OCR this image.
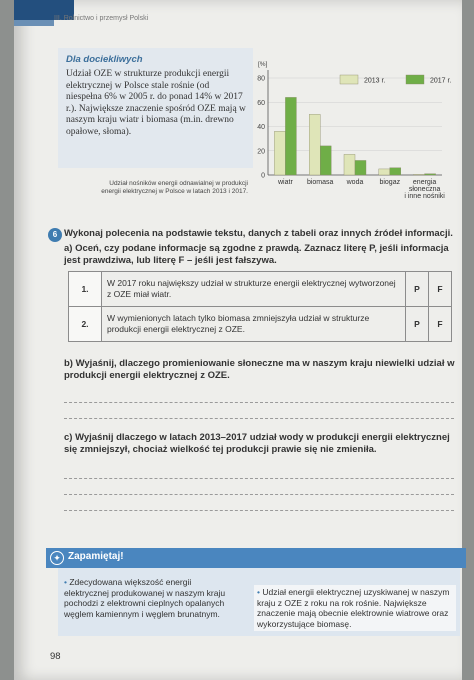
III. Rolnictwo i przemysł Polski
Dla dociekliwych
Udział OZE w strukturze produkcji energii elektrycznej w Polsce stale rośnie (od niespełna 6% w 2005 r. do ponad 14% w 2017 r.). Największe znaczenie spośród OZE mają w naszym kraju wiatr i biomasa (m.in. drewno opałowe, słoma).
0
20
40
60
80
[%]
wiatr biomasa woda biogaz	energia słoneczna i inne nośniki
2013 r.	2017 r.
Udział nośników energii odnawialnej w produkcji energii elektrycznej w Polsce w latach 2013 i 2017.
6 Wykonaj polecenia na podstawie tekstu, danych z tabeli oraz innych źródeł informacji.
a) Oceń, czy podane informacje są zgodne z prawdą. Zaznacz literę P, jeśli informacja jest prawdziwa, lub literę F – jeśli jest fałszywa.
1.	W 2017 roku największy udział w strukturze energii elektrycznej wytworzonej z OZE miał wiatr.	P	F
2.	W wymienionych latach tylko biomasa zmniejszyła udział w strukturze produkcji energii elektrycznej z OZE.	P	F
b) Wyjaśnij, dlaczego promieniowanie słoneczne ma w naszym kraju niewielki udział w produkcji energii elektrycznej z OZE.
c) Wyjaśnij dlaczego w latach 2013–2017 udział wody w produkcji energii elektrycznej się zmniejszył, chociaż wielkość tej produkcji prawie się nie zmieniła.
✦ Zapamiętaj!
• Zdecydowana większość energii elektrycznej produkowanej w naszym kraju pochodzi z elektrowni cieplnych opalanych węglem kamiennym i węglem brunatnym.
• Udział energii elektrycznej uzyskiwanej w naszym kraju z OZE z roku na rok rośnie. Największe znaczenie mają obecnie elektrownie wiatrowe oraz wykorzystujące biomasę.
98
